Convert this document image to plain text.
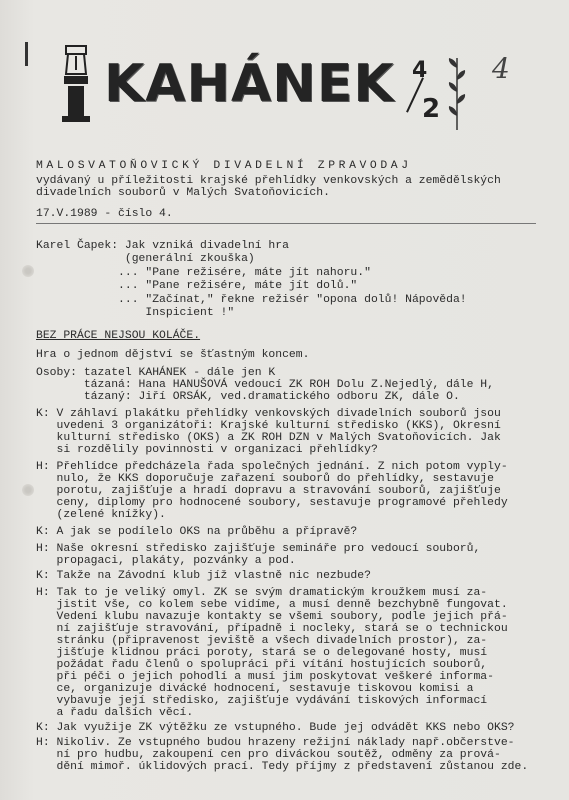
KAHÁNEK 4
2
4
MALOSVATOŇOVICKÝ DIVADELNÍ ZPRAVODAJ
vydávaný u příležitosti krajské přehlídky venkovských a zemědělských
divadelních souborů v Malých Svatoňovicích.
17.V.1989 - číslo 4.
Karel Čapek: Jak vzniká divadelní hra
(generální zkouška)
... "Pane režisére, máte jít nahoru."
... "Pane režisére, máte jít dolů."
... "Začínat," řekne režisér "opona dolů! Nápověda!
Inspicient !"
BEZ PRÁCE NEJSOU KOLÁČE.
Hra o jednom dějství se šťastným koncem.
Osoby: tazatel KAHÁNEK - dále jen K
tázaná: Hana HANUŠOVÁ vedoucí ZK ROH Dolu Z.Nejedlý, dále H,
tázaný: Jiří ORSÁK, ved.dramatického odboru ZK, dále O.
K: V záhlaví plakátku přehlídky venkovských divadelních souborů jsou
uvedeni 3 organizátoři: Krajské kulturní středisko (KKS), Okresní
kulturní středisko (OKS) a ZK ROH DZN v Malých Svatoňovicích. Jak
si rozdělily povinnosti v organizaci přehlídky?
H: Přehlídce předcházela řada společných jednání. Z nich potom vyply-
nulo, že KKS doporučuje zařazení souborů do přehlídky, sestavuje
porotu, zajišťuje a hradí dopravu a stravování souborů, zajišťuje
ceny, diplomy pro hodnocené soubory, sestavuje programové přehledy
(zelené knížky).
K: A jak se podílelo OKS na průběhu a přípravě?
H: Naše okresní středisko zajišťuje semináře pro vedoucí souborů,
propagaci, plakáty, pozvánky a pod.
K: Takže na Závodní klub jíž vlastně nic nezbude?
H: Tak to je veliký omyl. ZK se svým dramatickým kroužkem musí za-
jistit vše, co kolem sebe vidíme, a musí denně bezchybně fungovat.
Vedení klubu navazuje kontakty se všemi soubory, podle jejich přá-
ní zajišťuje stravování, případně i nocleky, stará se o technickou
stránku (připravenost jeviště a všech divadelních prostor), za-
jišťuje klidnou práci poroty, stará se o delegované hosty, musí
požádat řadu členů o spolupráci při vítání hostujících souborů,
při péči o jejich pohodlí a musí jim poskytovat veškeré informa-
ce, organizuje divácké hodnocení, sestavuje tiskovou komisi a
vybavuje její středisko, zajišťuje vydávání tiskových informací
a řadu dalších věcí.
K: Jak využije ZK výtěžku ze vstupného. Bude jej odvádět KKS nebo OKS?
H: Nikoliv. Ze vstupného budou hrazeny režijní náklady např.občerstve-
ní pro hudbu, zakoupení cen pro diváckou soutěž, odměny za prová-
dění mimoř. úklidových prací. Tedy příjmy z představení zůstanou zde.
